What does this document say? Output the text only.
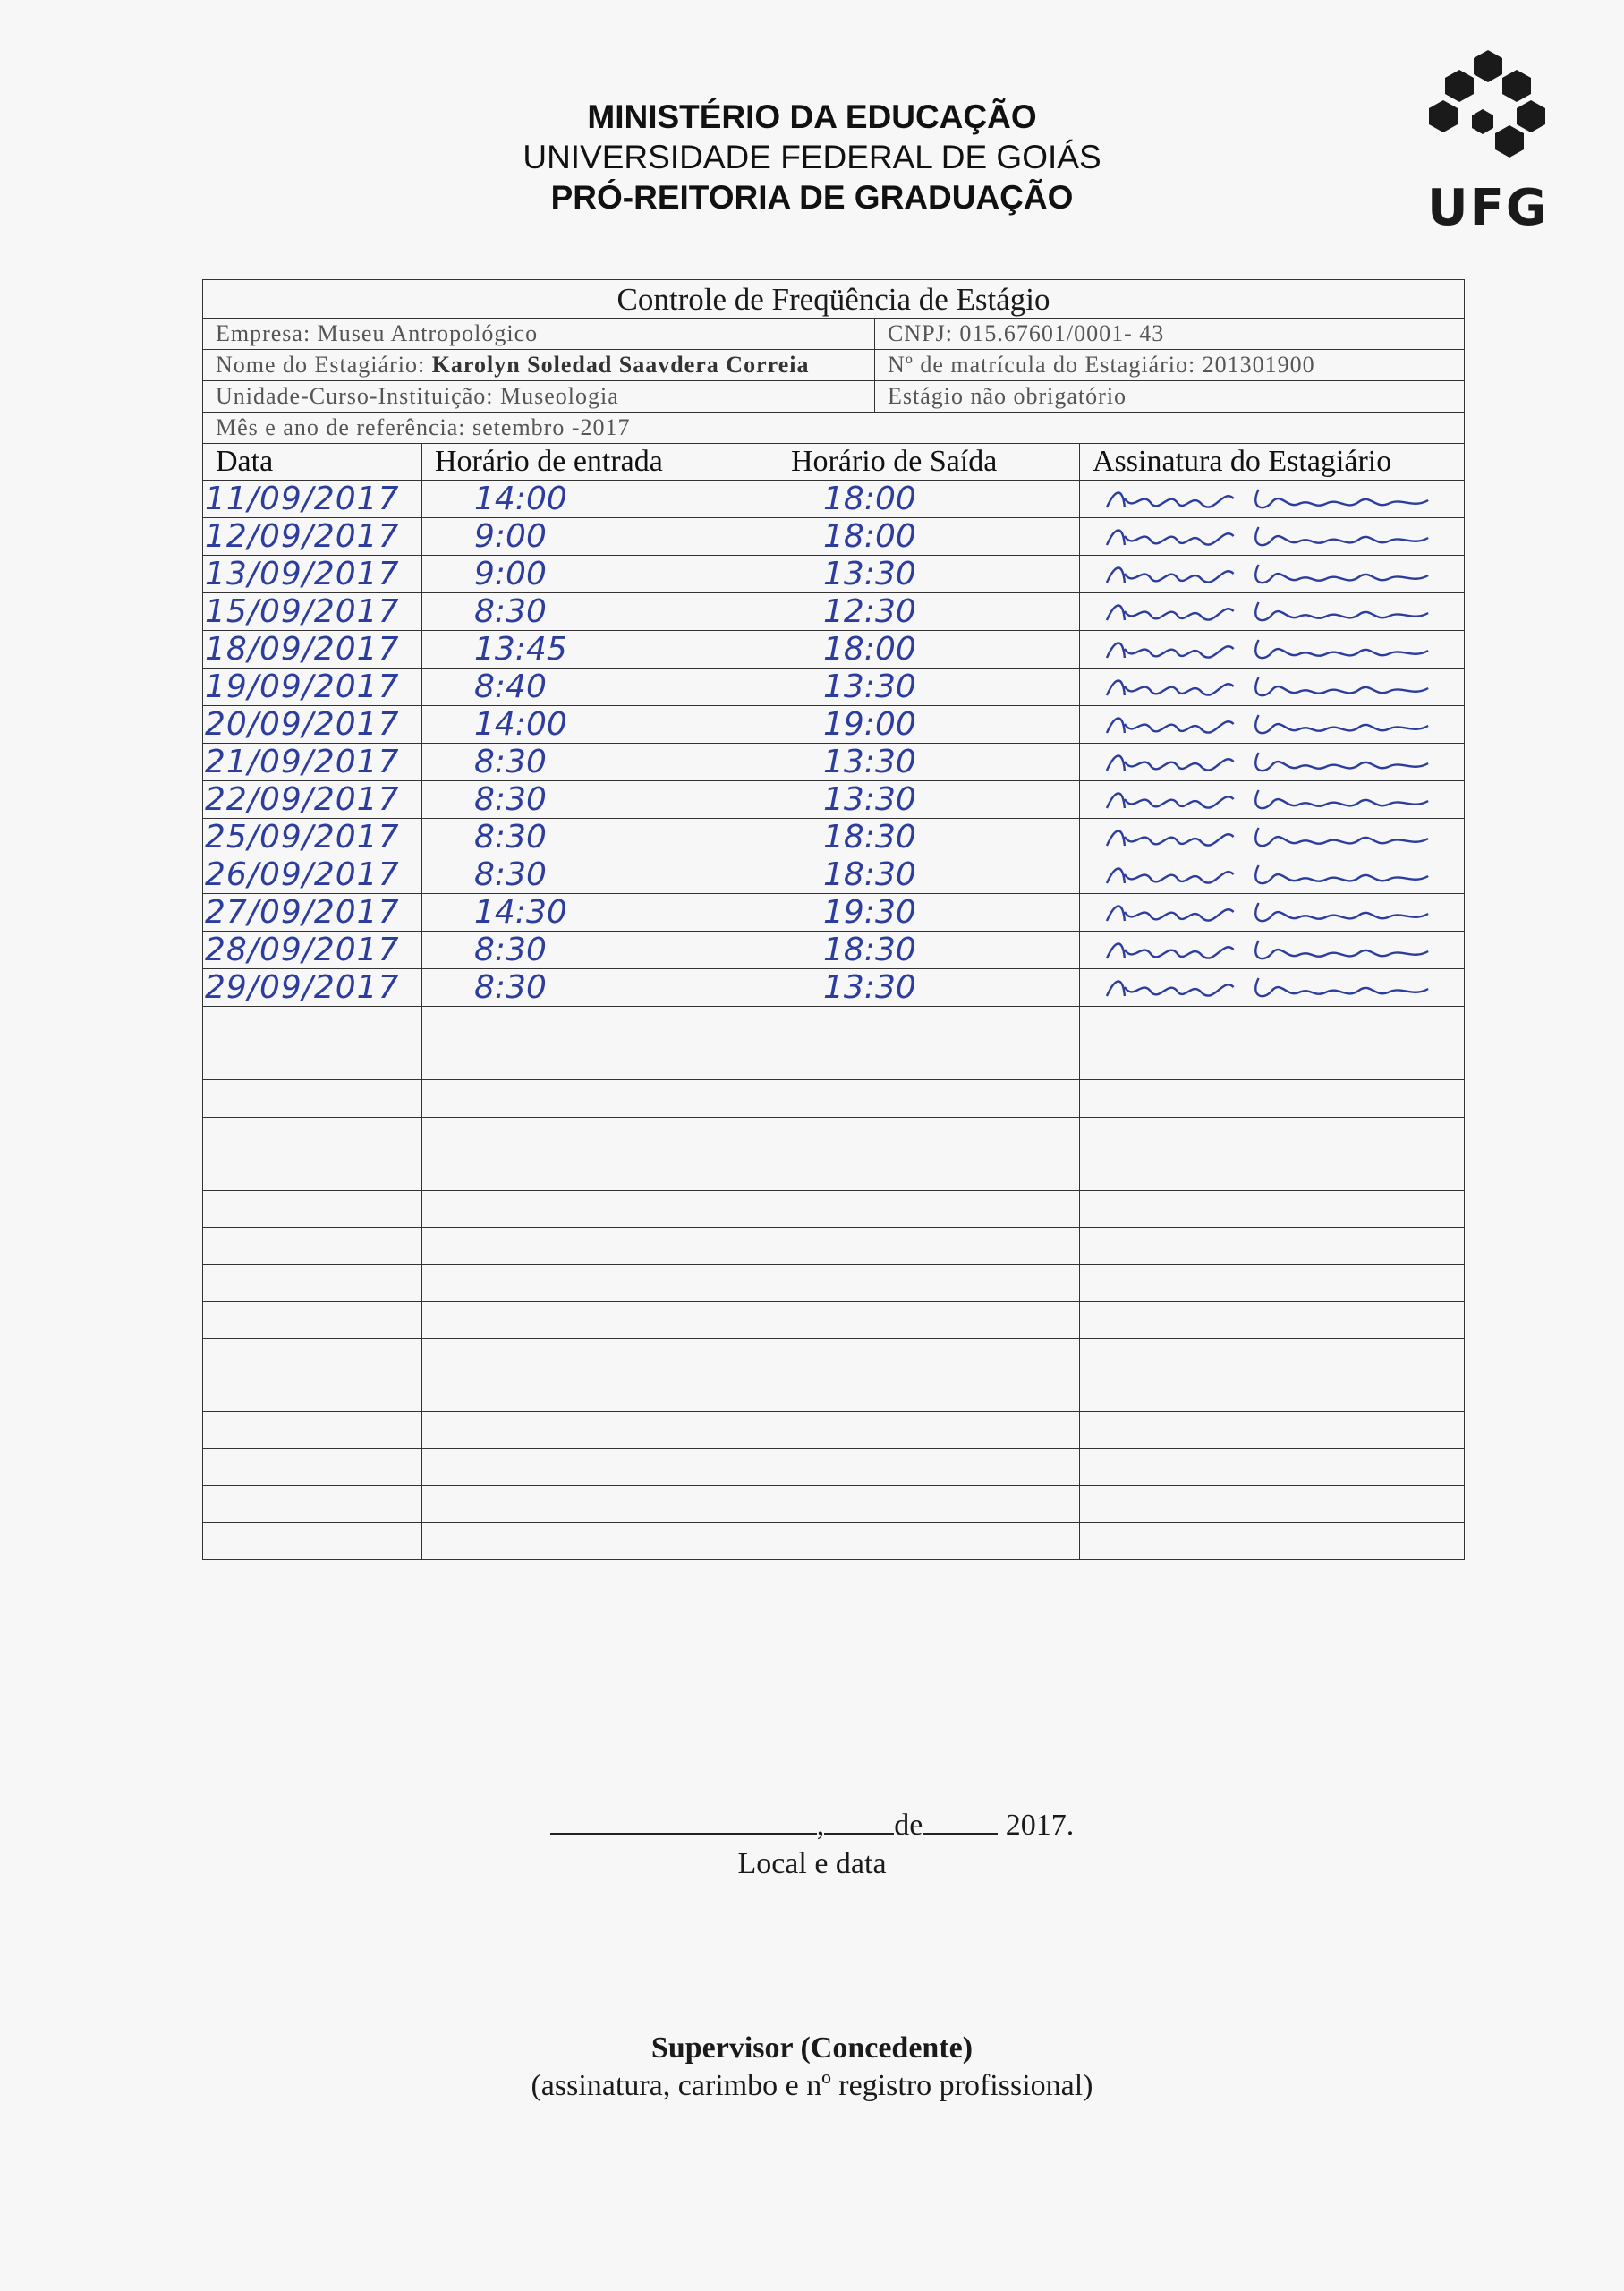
MINISTÉRIO DA EDUCAÇÃO
UNIVERSIDADE FEDERAL DE GOIÁS
PRÓ-REITORIA DE GRADUAÇÃO	UFG
Controle de Freqüência de Estágio				
Empresa: Museu Antropológico			CNPJ: 015.67601/0001- 43	
Nome do Estagiário: Karolyn Soledad Saavdera Correia			Nº de matrícula do Estagiário: 201301900	
Unidade-Curso-Instituição: Museologia			Estágio não obrigatório	
Mês e ano de referência: setembro -2017				
Data	Horário de entrada	Horário de Saída		Assinatura do Estagiário
11/09/2017	14:00	18:00	

12/09/2017	9:00	18:00	

13/09/2017	9:00	13:30	

15/09/2017	8:30	12:30	

18/09/2017	13:45	18:00	

19/09/2017	8:40	13:30	

20/09/2017	14:00	19:00	

21/09/2017	8:30	13:30	

22/09/2017	8:30	13:30	

25/09/2017	8:30	18:30	

26/09/2017	8:30	18:30	

27/09/2017	14:30	19:30	

28/09/2017	8:30	18:30	

29/09/2017	8:30	13:30	

, de	2017.
Local e data
Supervisor (Concedente)
(assinatura, carimbo e nº registro profissional)
